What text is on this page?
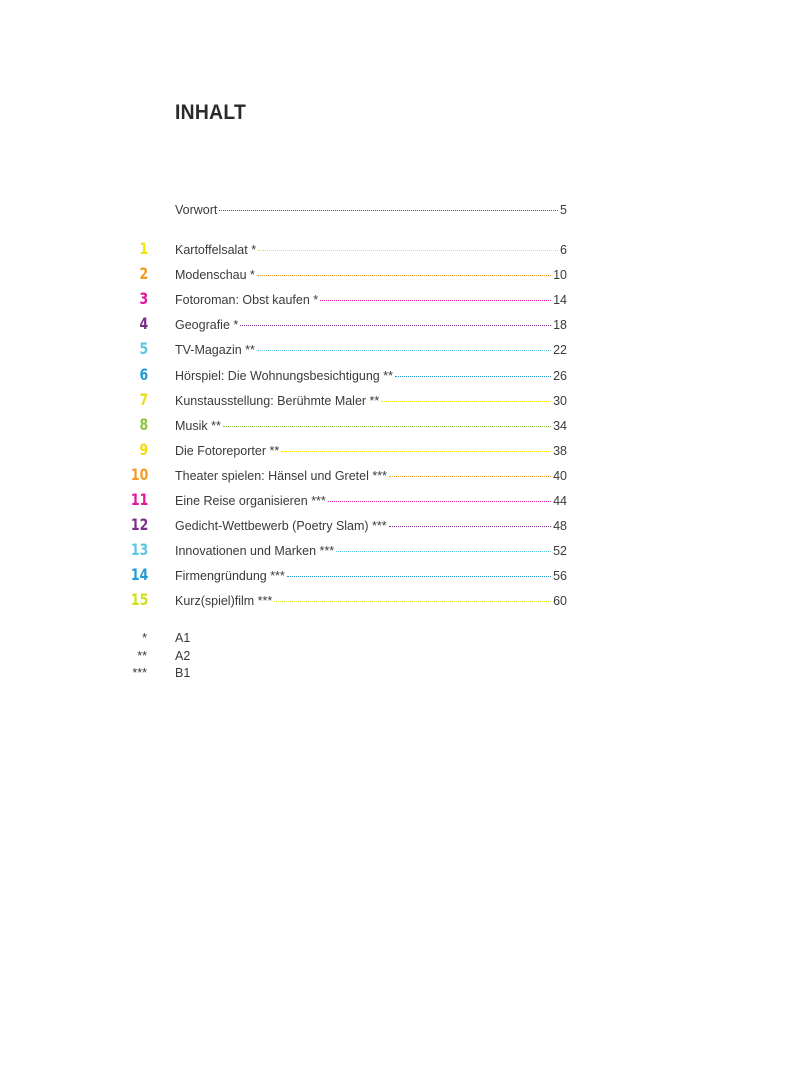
INHALT
Vorwort	5
1 Kartoffelsalat *	6
2 Modenschau *	10
3 Fotoroman: Obst kaufen *	14
4 Geografie *	18
5 TV-Magazin **	22
6 Hörspiel: Die Wohnungsbesichtigung **	26
7 Kunstausstellung: Berühmte Maler **	30
8 Musik **	34
9 Die Fotoreporter **	38
10 Theater spielen: Hänsel und Gretel ***	40
11 Eine Reise organisieren ***	44
12 Gedicht-Wettbewerb (Poetry Slam) ***	48
13 Innovationen und Marken ***	52
14 Firmengründung ***	56
15 Kurz(spiel)film ***	60
* A1
** A2
*** B1
